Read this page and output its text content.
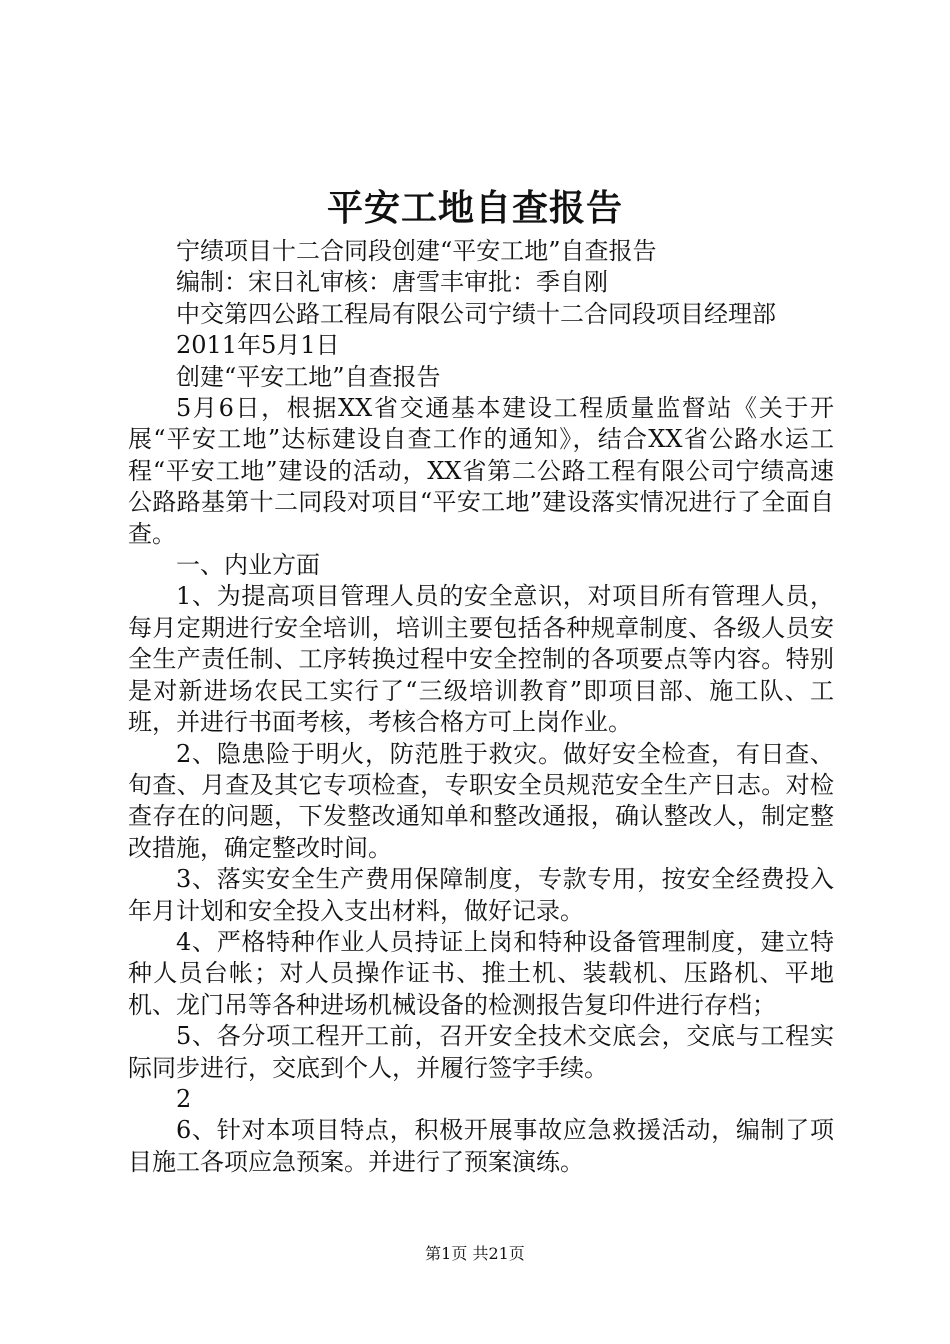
平安工地自查报告

宁绩项目十二合同段创建“平安工地”自查报告

编制：宋日礼审核：唐雪丰审批：季自刚

中交第四公路工程局有限公司宁绩十二合同段项目经理部

2011年5月1日

创建“平安工地”自查报告

5月6日，根据XX省交通基本建设工程质量监督站《关于开展“平安工地”达标建设自查工作的通知》，结合XX省公路水运工程“平安工地”建设的活动，XX省第二公路工程有限公司宁绩高速公路路基第十二同段对项目“平安工地”建设落实情况进行了全面自查。

一、内业方面

1、为提高项目管理人员的安全意识，对项目所有管理人员，每月定期进行安全培训，培训主要包括各种规章制度、各级人员安全生产责任制、工序转换过程中安全控制的各项要点等内容。特别是对新进场农民工实行了“三级培训教育”即项目部、施工队、工班，并进行书面考核，考核合格方可上岗作业。

2、隐患险于明火，防范胜于救灾。做好安全检查，有日查、旬查、月查及其它专项检查，专职安全员规范安全生产日志。对检查存在的问题，下发整改通知单和整改通报，确认整改人，制定整改措施，确定整改时间。

3、落实安全生产费用保障制度，专款专用，按安全经费投入年月计划和安全投入支出材料，做好记录。

4、严格特种作业人员持证上岗和特种设备管理制度，建立特种人员台帐；对人员操作证书、推土机、装载机、压路机、平地机、龙门吊等各种进场机械设备的检测报告复印件进行存档；

5、各分项工程开工前，召开安全技术交底会，交底与工程实际同步进行，交底到个人，并履行签字手续。

2

6、针对本项目特点，积极开展事故应急救援活动，编制了项目施工各项应急预案。并进行了预案演练。

第1页 共21页
